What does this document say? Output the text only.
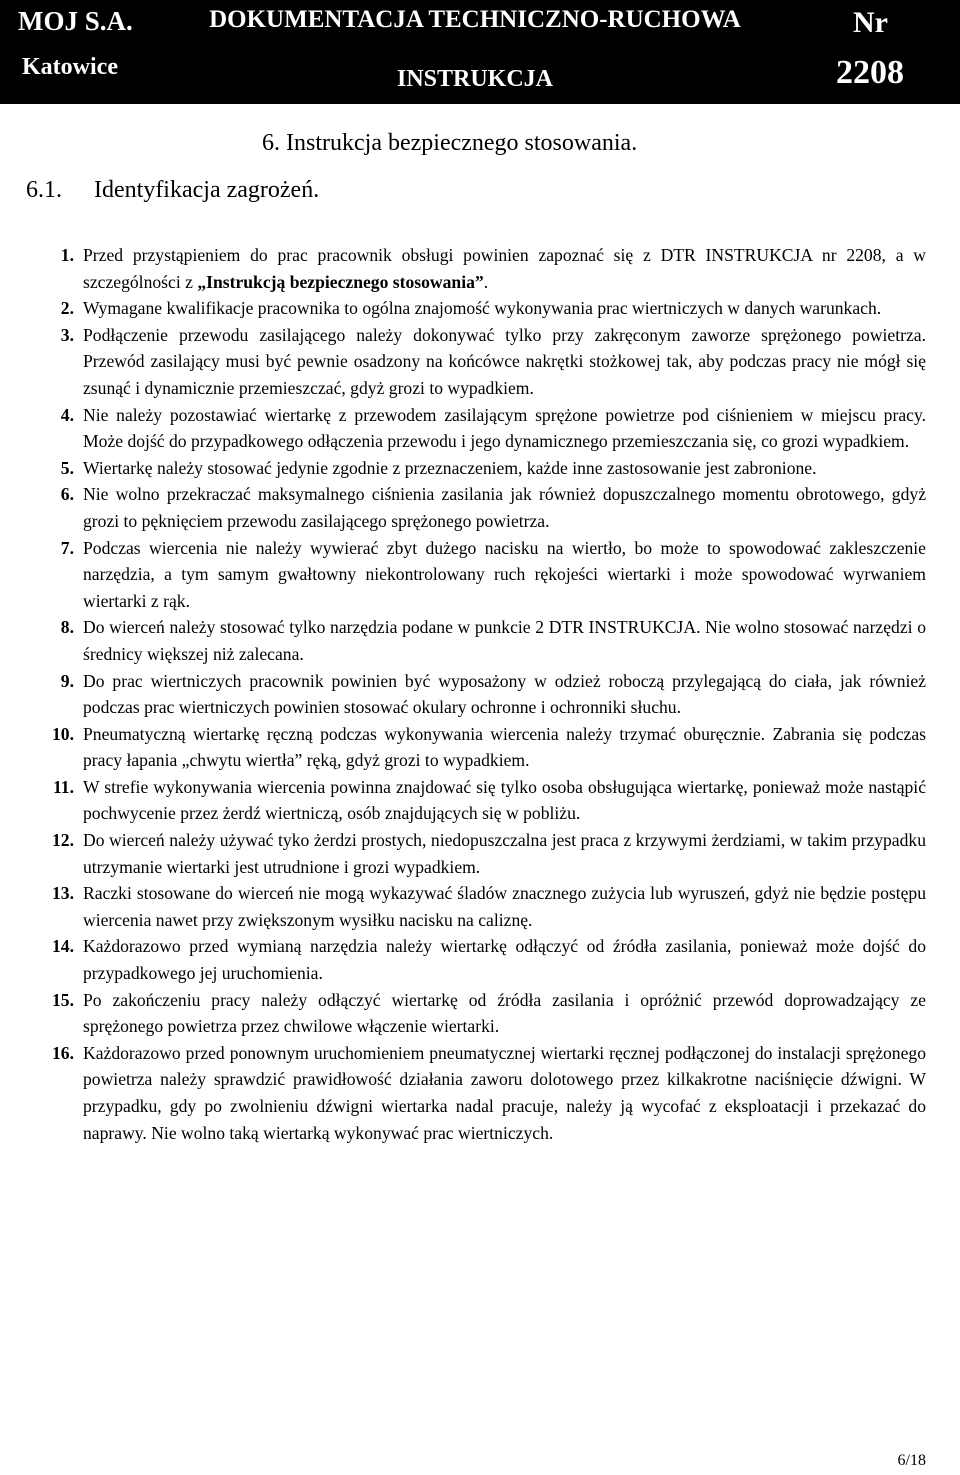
MOJ S.A.
Katowice
DOKUMENTACJA TECHNICZNO-RUCHOWA
INSTRUKCJA
Nr
2208
6. Instrukcja bezpiecznego stosowania.
6.1. Identyfikacja zagrożeń.
1. Przed przystąpieniem do prac pracownik obsługi powinien zapoznać się z DTR INSTRUKCJA nr 2208, a w szczególności z „Instrukcją bezpiecznego stosowania”.
2. Wymagane kwalifikacje pracownika to ogólna znajomość wykonywania prac wiertniczych w danych warunkach.
3. Podłączenie przewodu zasilającego należy dokonywać tylko przy zakręconym zaworze sprężonego powietrza. Przewód zasilający musi być pewnie osadzony na końcówce nakrętki stożkowej tak, aby podczas pracy nie mógł się zsunąć i dynamicznie przemieszczać, gdyż grozi to wypadkiem.
4. Nie należy pozostawiać wiertarkę z przewodem zasilającym sprężone powietrze pod ciśnieniem w miejscu pracy. Może dojść do przypadkowego odłączenia przewodu i jego dynamicznego przemieszczania się, co grozi wypadkiem.
5. Wiertarkę należy stosować jedynie zgodnie z przeznaczeniem, każde inne zastosowanie jest zabronione.
6. Nie wolno przekraczać maksymalnego ciśnienia zasilania jak również dopuszczalnego momentu obrotowego, gdyż grozi to pęknięciem przewodu zasilającego sprężonego powietrza.
7. Podczas wiercenia nie należy wywierać zbyt dużego nacisku na wiertło, bo może to spowodować zakleszczenie narzędzia, a tym samym gwałtowny niekontrolowany ruch rękojeści wiertarki i może spowodować wyrwaniem wiertarki z rąk.
8. Do wierceń należy stosować tylko narzędzia podane w punkcie 2 DTR INSTRUKCJA. Nie wolno stosować narzędzi o średnicy większej niż zalecana.
9. Do prac wiertniczych pracownik powinien być wyposażony w odzież roboczą przylegającą do ciała, jak również podczas prac wiertniczych powinien stosować okulary ochronne i ochronniki słuchu.
10. Pneumatyczną wiertarkę ręczną podczas wykonywania wiercenia należy trzymać oburęcznie. Zabrania się podczas pracy łapania „chwytu wiertła” ręką, gdyż grozi to wypadkiem.
11. W strefie wykonywania wiercenia powinna znajdować się tylko osoba obsługująca wiertarkę, ponieważ może nastąpić pochwycenie przez żerdź wiertniczą, osób znajdujących się w pobliżu.
12. Do wierceń należy używać tyko żerdzi prostych, niedopuszczalna jest praca z krzywymi żerdziami, w takim przypadku utrzymanie wiertarki jest utrudnione i grozi wypadkiem.
13. Raczki stosowane do wierceń nie mogą wykazywać śladów znacznego zużycia lub wyruszeń, gdyż nie będzie postępu wiercenia nawet przy zwiększonym wysiłku nacisku na caliznę.
14. Każdorazowo przed wymianą narzędzia należy wiertarkę odłączyć od źródła zasilania, ponieważ może dojść do przypadkowego jej uruchomienia.
15. Po zakończeniu pracy należy odłączyć wiertarkę od źródła zasilania i opróżnić przewód doprowadzający ze sprężonego powietrza przez chwilowe włączenie wiertarki.
16. Każdorazowo przed ponownym uruchomieniem pneumatycznej wiertarki ręcznej podłączonej do instalacji sprężonego powietrza należy sprawdzić prawidłowość działania zaworu dolotowego przez kilkakrotne naciśnięcie dźwigni. W przypadku, gdy po zwolnieniu dźwigni wiertarka nadal pracuje, należy ją wycofać z eksploatacji i przekazać do naprawy. Nie wolno taką wiertarką wykonywać prac wiertniczych.
6/18
